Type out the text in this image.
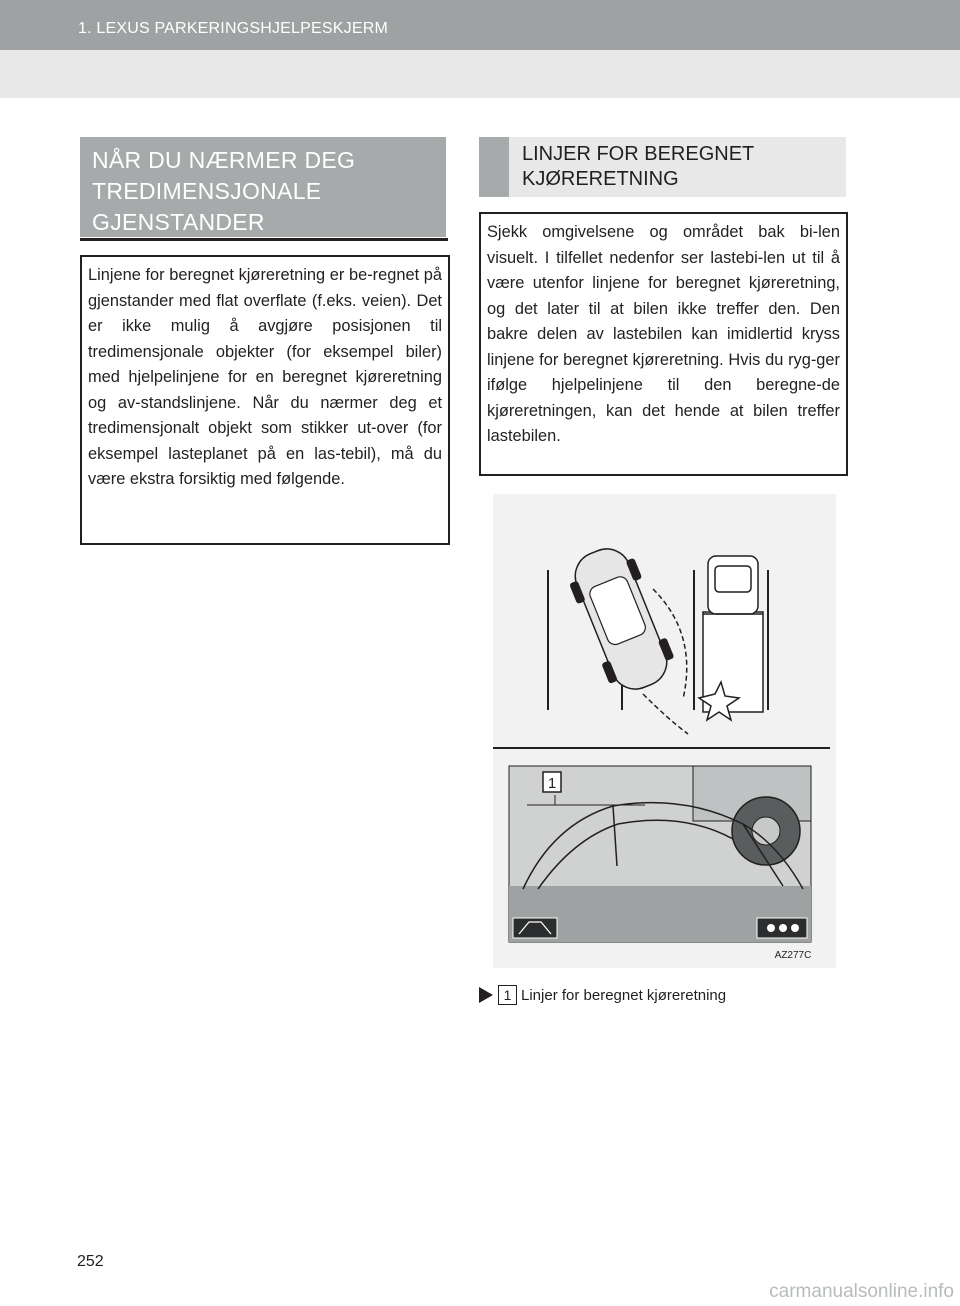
1. LEXUS PARKERINGSHJELPESKJERM
NÅR DU NÆRMER DEG TREDIMENSJONALE GJENSTANDER
Linjene for beregnet kjøreretning er be-regnet på gjenstander med flat overflate (f.eks. veien). Det er ikke mulig å avgjøre posisjonen til tredimensjonale objekter (for eksempel biler) med hjelpelinjene for en beregnet kjøreretning og av-standslinjene. Når du nærmer deg et tredimensjonalt objekt som stikker ut-over (for eksempel lasteplanet på en las-tebil), må du være ekstra forsiktig med følgende.
LINJER FOR BEREGNET KJØRERETNING
Sjekk omgivelsene og området bak bi-len visuelt. I tilfellet nedenfor ser lastebi-len ut til å være utenfor linjene for beregnet kjøreretning, og det later til at bilen ikke treffer den. Den bakre delen av lastebilen kan imidlertid kryss linjene for beregnet kjøreretning. Hvis du ryg-ger ifølge hjelpelinjene til den beregne-de kjøreretningen, kan det hende at bilen treffer lastebilen.
1
AZ277C
1 Linjer for beregnet kjøreretning
252
carmanualsonline.info
